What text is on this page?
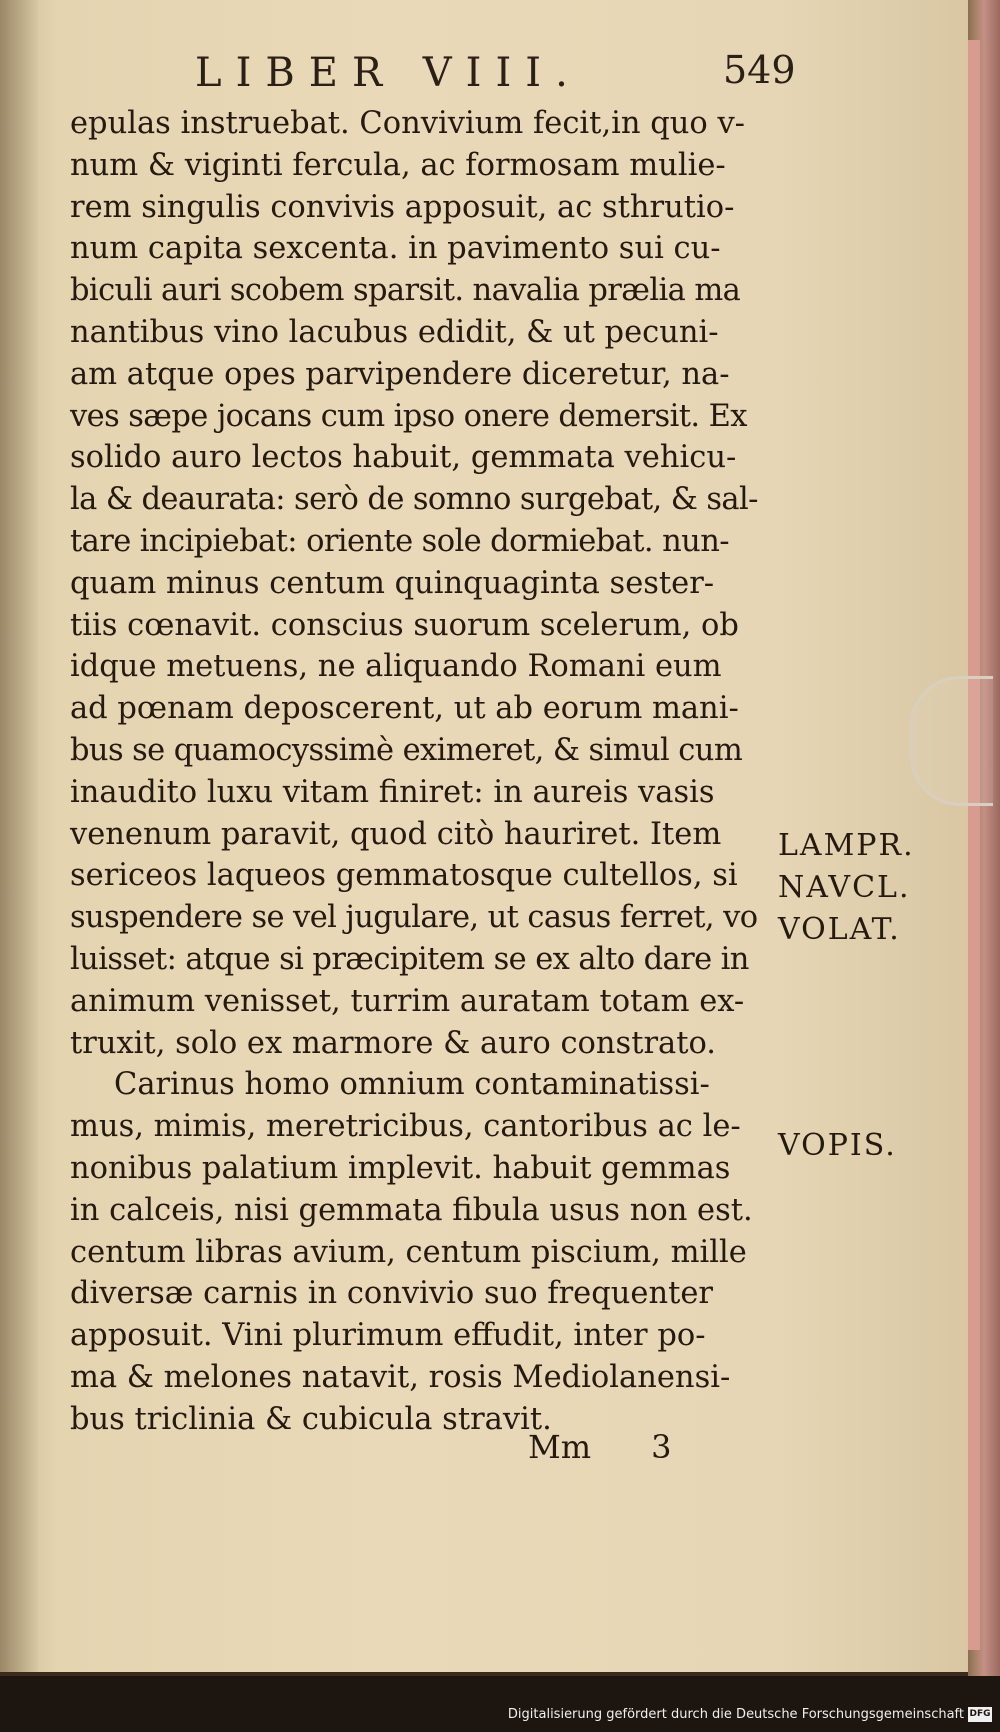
LIBER VIII.	549
epulas instruebat. Convivium fecit,in quo v-
num & viginti fercula, ac formosam mulie-
rem singulis convivis apposuit, ac sthrutio-
num capita sexcenta. in pavimento sui cu-
biculi auri scobem sparsit. navalia prælia ma
nantibus vino lacubus edidit, & ut pecuni-
am atque opes parvipendere diceretur, na-
ves sæpe jocans cum ipso onere demersit. Ex
solido auro lectos habuit, gemmata vehicu-
la & deaurata: serò de somno surgebat, & sal-
tare incipiebat: oriente sole dormiebat. nun-
quam minus centum quinquaginta sester-
tiis cœnavit. conscius suorum scelerum, ob
idque metuens, ne aliquando Romani eum
ad pœnam deposcerent, ut ab eorum mani-
bus se quamocyssimè eximeret, & simul cum
inaudito luxu vitam finiret: in aureis vasis
venenum paravit, quod citò hauriret. Item
sericeos laqueos gemmatosque cultellos, si
suspendere se vel jugulare, ut casus ferret, vo
luisset: atque si præcipitem se ex alto dare in
animum venisset, turrim auratam totam ex-
truxit, solo ex marmore & auro constrato.
Carinus homo omnium contaminatissi-
mus, mimis, meretricibus, cantoribus ac le-
nonibus palatium implevit. habuit gemmas
in calceis, nisi gemmata fibula usus non est.
centum libras avium, centum piscium, mille
diversæ carnis in convivio suo frequenter
apposuit. Vini plurimum effudit, inter po-
ma & melones natavit, rosis Mediolanensi-
bus triclinia & cubicula stravit.
LAMPR.
NAVCL.
VOLAT.
VOPIS.
Mm 3
Digitalisierung gefördert durch die Deutsche Forschungsgemeinschaft DFG
